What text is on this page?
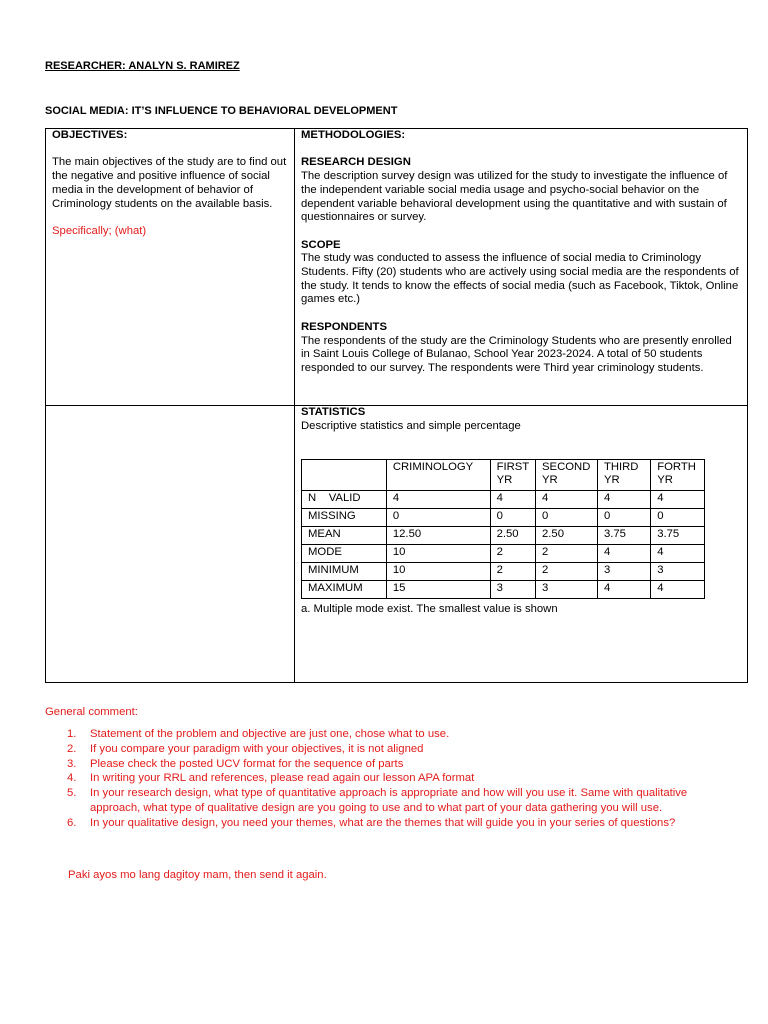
RESEARCHER: ANALYN S. RAMIREZ
SOCIAL MEDIA: IT’S INFLUENCE TO BEHAVIORAL DEVELOPMENT

OBJECTIVES:

The main objectives of the study are to find out the negative and positive influence of social media in the development of behavior of Criminology students on the available basis.

Specifically; (what)

METHODOLOGIES:

RESEARCH DESIGN

The description survey design was utilized for the study to investigate the influence of the independent variable social media usage and psycho-social behavior on the dependent variable behavioral development using the quantitative and with sustain of questionnaires or survey.

SCOPE

The study was conducted to assess the influence of social media to Criminology Students. Fifty (20) students who are actively using social media are the respondents of the study. It tends to know the effects of social media (such as Facebook, Tiktok, Online games etc.)

RESPONDENTS

The respondents of the study are the Criminology Students who are presently enrolled in Saint Louis College of Bulanao, School Year 2023-2024. A total of 50 students responded to our survey. The respondents were Third year criminology students.

STATISTICS

Descriptive statistics and simple percentage

	CRIMINOLOGY	FIRST YR	SECOND YR	THIRD YR	FORTH YR
N    VALID	4	4	4	4	4
MISSING	0	0	0	0	0
MEAN	12.50	2.50	2.50	3.75	3.75
MODE	10	2	2	4	4
MINIMUM	10	2	2	3	3
MAXIMUM	15	3	3	4	4
a. Multiple mode exist. The smallest value is shown
General comment:
1. Statement of the problem and objective are just one, chose what to use.
2. If you compare your paradigm with your objectives, it is not aligned
3. Please check the posted UCV format for the sequence of parts
4. In writing your RRL and references, please read again our lesson APA format
5. In your research design, what type of quantitative approach is appropriate and how will you use it. Same with qualitative approach, what type of qualitative design are you going to use and to what part of your data gathering you will use.
6. In your qualitative design, you need your themes, what are the themes that will guide you in your series of questions?
Paki ayos mo lang dagitoy mam, then send it again.
